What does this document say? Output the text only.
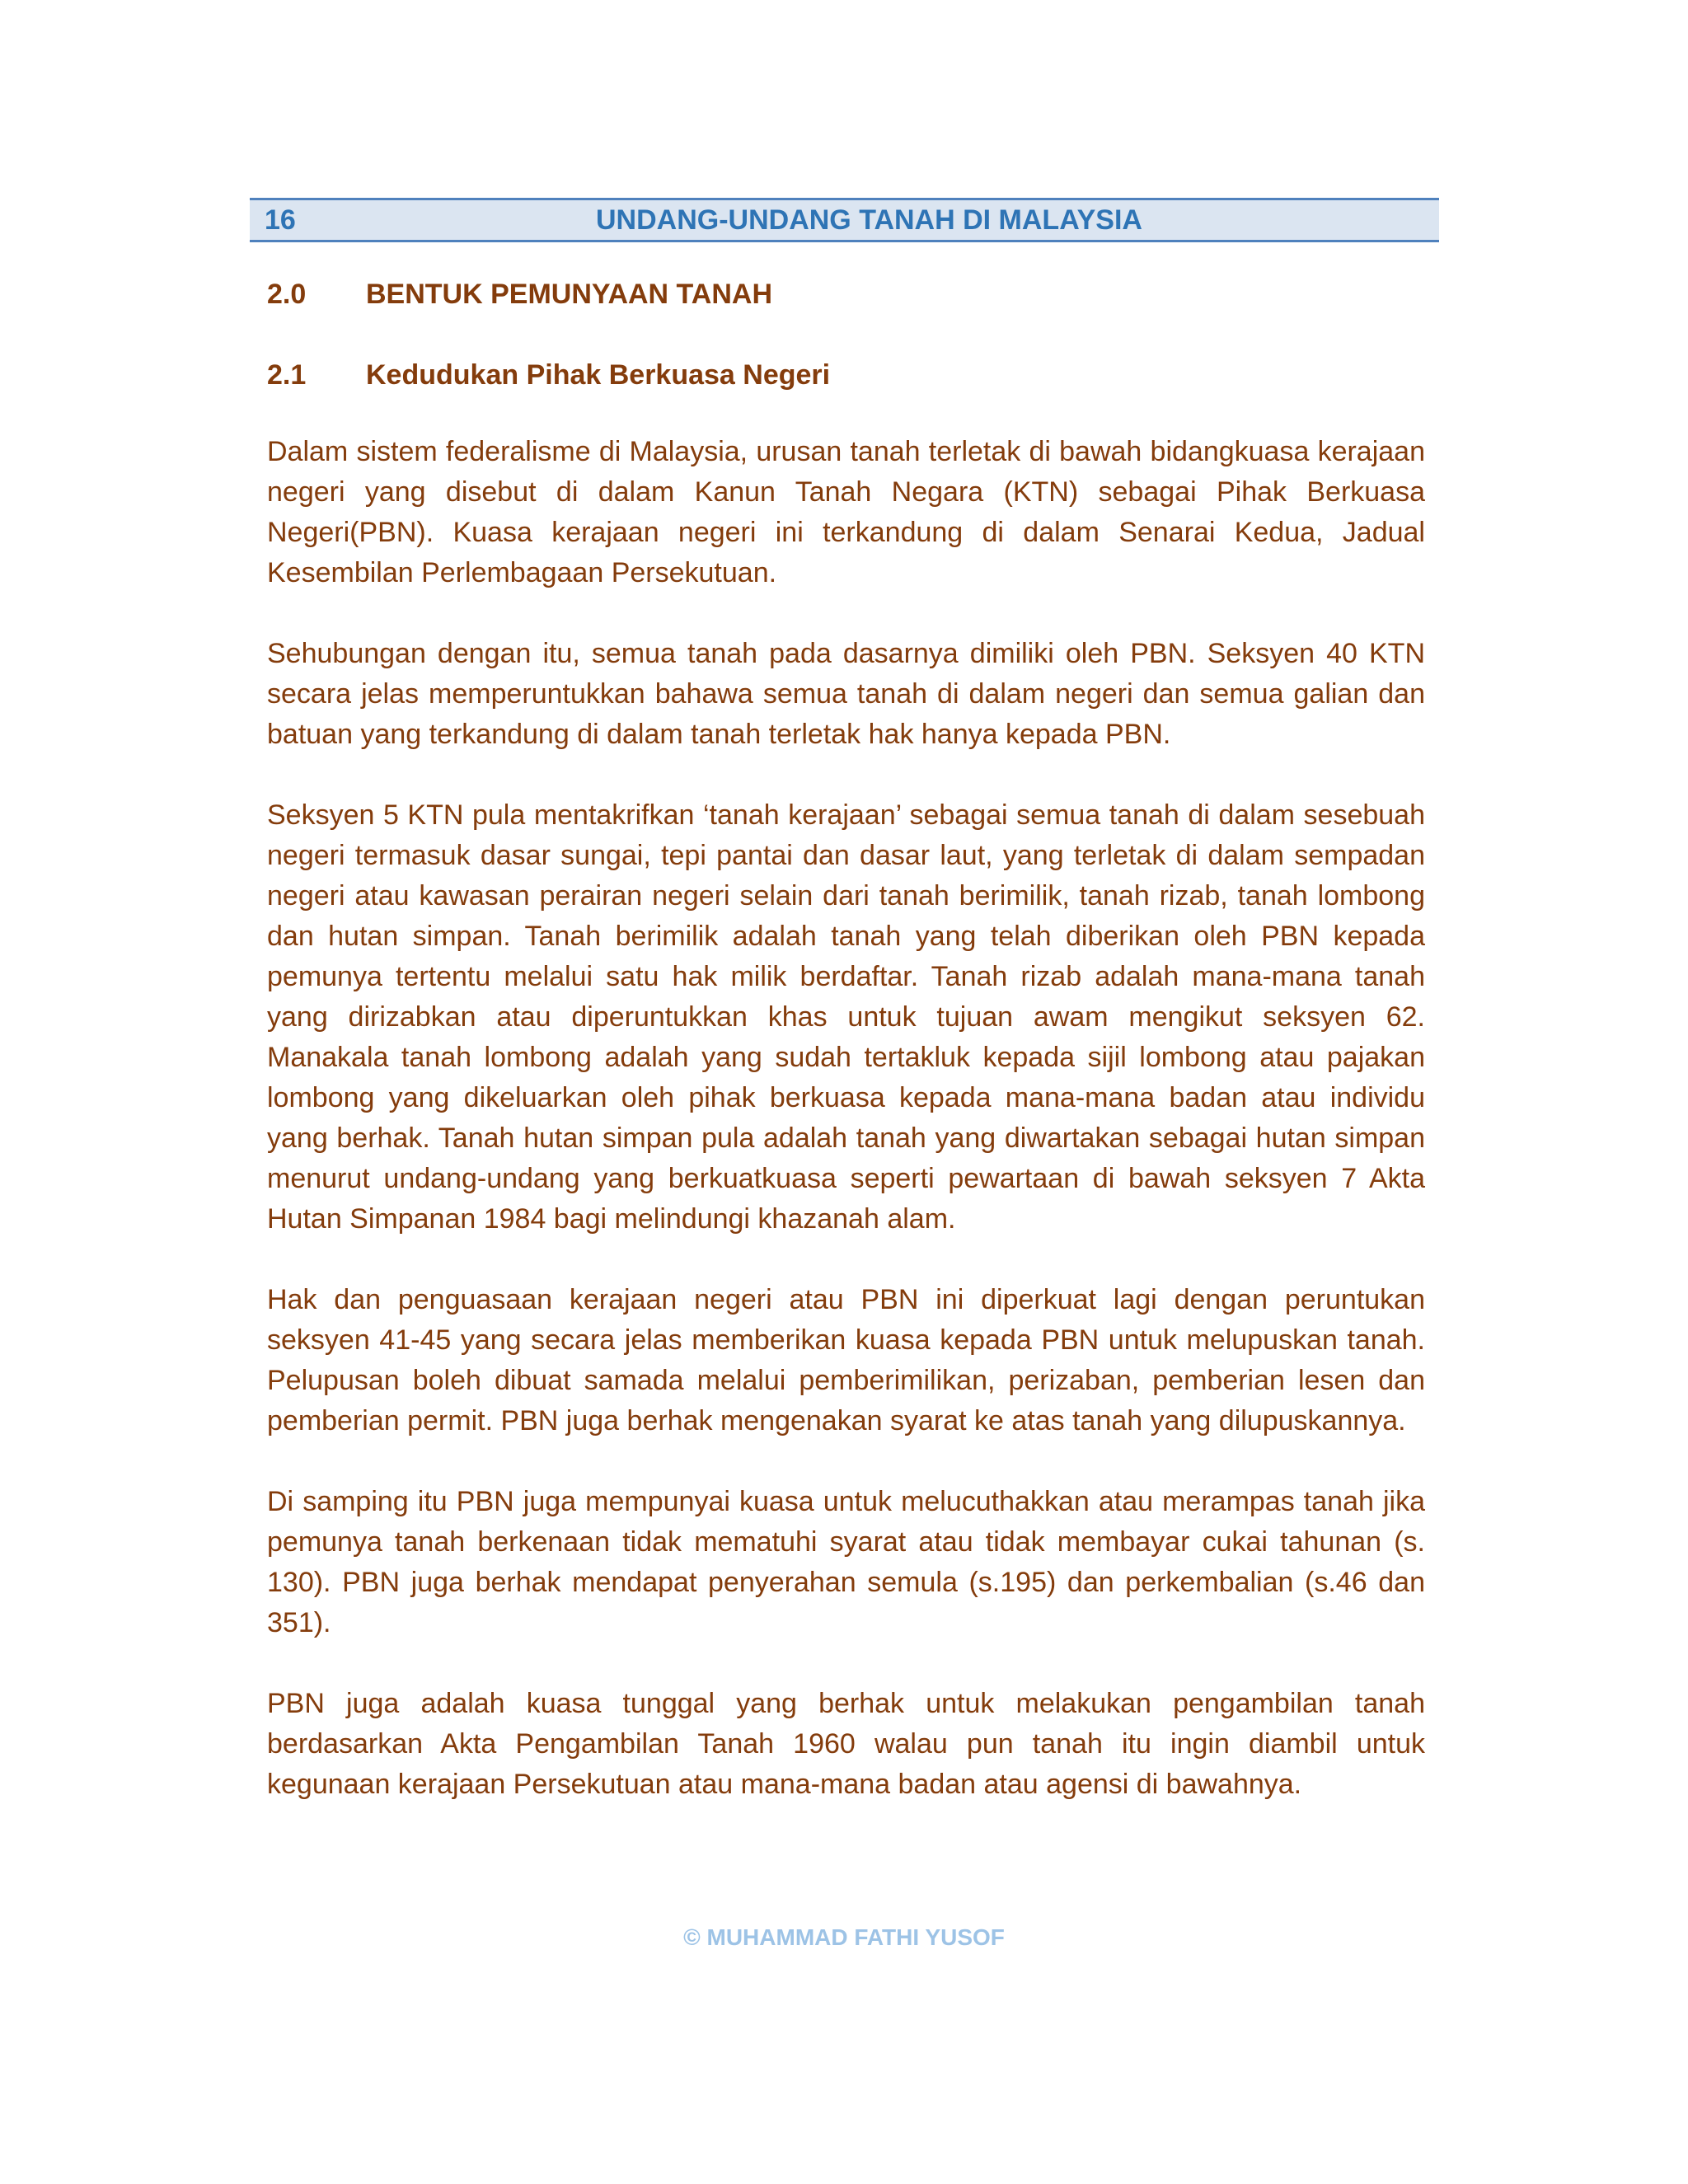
16	UNDANG-UNDANG TANAH DI MALAYSIA
2.0 BENTUK PEMUNYAAN TANAH
2.1 Kedudukan Pihak Berkuasa Negeri

Dalam sistem federalisme di Malaysia, urusan tanah terletak di bawah bidangkuasa kerajaan negeri yang disebut di dalam Kanun Tanah Negara (KTN) sebagai Pihak Berkuasa Negeri(PBN). Kuasa kerajaan negeri ini terkandung di dalam Senarai Kedua, Jadual Kesembilan Perlembagaan Persekutuan.

Sehubungan dengan itu, semua tanah pada dasarnya dimiliki oleh PBN. Seksyen 40 KTN secara jelas memperuntukkan bahawa semua tanah di dalam negeri dan semua galian dan batuan yang terkandung di dalam tanah terletak hak hanya kepada PBN.

Seksyen 5 KTN pula mentakrifkan ‘tanah kerajaan’ sebagai semua tanah di dalam sesebuah negeri termasuk dasar sungai, tepi pantai dan dasar laut, yang terletak di dalam sempadan negeri atau kawasan perairan negeri selain dari tanah berimilik, tanah rizab, tanah lombong dan hutan simpan. Tanah berimilik adalah tanah yang telah diberikan oleh PBN kepada pemunya tertentu melalui satu hak milik berdaftar. Tanah rizab adalah mana-mana tanah yang dirizabkan atau diperuntukkan khas untuk tujuan awam mengikut seksyen 62. Manakala tanah lombong adalah yang sudah tertakluk kepada sijil lombong atau pajakan lombong yang dikeluarkan oleh pihak berkuasa kepada mana-mana badan atau individu yang berhak. Tanah hutan simpan pula adalah tanah yang diwartakan sebagai hutan simpan menurut undang-undang yang berkuatkuasa seperti pewartaan di bawah seksyen 7 Akta Hutan Simpanan 1984 bagi melindungi khazanah alam.

Hak dan penguasaan kerajaan negeri atau PBN ini diperkuat lagi dengan peruntukan seksyen 41-45 yang secara jelas memberikan kuasa kepada PBN untuk melupuskan tanah. Pelupusan boleh dibuat samada melalui pemberimilikan, perizaban, pemberian lesen dan pemberian permit. PBN juga berhak mengenakan syarat ke atas tanah yang dilupuskannya.

Di samping itu PBN juga mempunyai kuasa untuk melucuthakkan atau merampas tanah jika pemunya tanah berkenaan tidak mematuhi syarat atau tidak membayar cukai tahunan (s. 130). PBN juga berhak mendapat penyerahan semula (s.195) dan perkembalian (s.46 dan 351).

PBN juga adalah kuasa tunggal yang berhak untuk melakukan pengambilan tanah berdasarkan Akta Pengambilan Tanah 1960 walau pun tanah itu ingin diambil untuk kegunaan kerajaan Persekutuan atau mana-mana badan atau agensi di bawahnya.

© MUHAMMAD FATHI YUSOF
